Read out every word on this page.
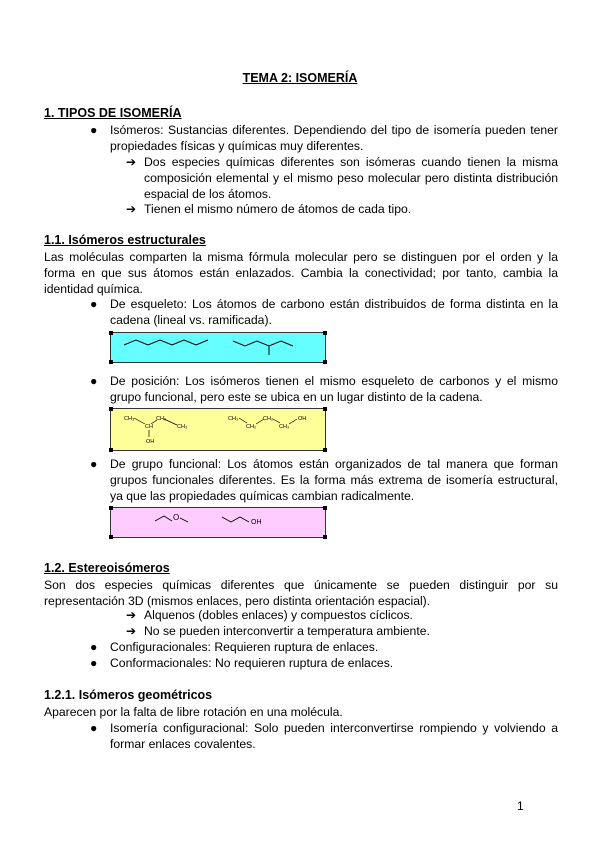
TEMA 2: ISOMERÍA
1. TIPOS DE ISOMERÍA
● Isómeros: Sustancias diferentes. Dependiendo del tipo de isomería pueden tener propiedades físicas y químicas muy diferentes.
➔ Dos especies químicas diferentes son isómeras cuando tienen la misma composición elemental y el mismo peso molecular pero distinta distribución espacial de los átomos.
➔ Tienen el mismo número de átomos de cada tipo.
1.1. Isómeros estructurales
Las moléculas comparten la misma fórmula molecular pero se distinguen por el orden y la forma en que sus átomos están enlazados. Cambia la conectividad; por tanto, cambia la identidad química.
● De esqueleto: Los átomos de carbono están distribuidos de forma distinta en la cadena (lineal vs. ramificada).
● De posición: Los isómeros tienen el mismo esqueleto de carbonos y el mismo grupo funcional, pero este se ubica en un lugar distinto de la cadena.
CH₃	CH₃
CH	CH₃
OH
CH₃	CH₂
CH₂	CH₃
OH
● De grupo funcional: Los átomos están organizados de tal manera que forman grupos funcionales diferentes. Es la forma más extrema de isomería estructural, ya que las propiedades químicas cambian radicalmente.
O
OH
1.2. Estereoisómeros
Son dos especies químicas diferentes que únicamente se pueden distinguir por su representación 3D (mismos enlaces, pero distinta orientación espacial).
➔ Alquenos (dobles enlaces) y compuestos cíclicos.
➔ No se pueden interconvertir a temperatura ambiente.
● Configuracionales: Requieren ruptura de enlaces.
● Conformacionales: No requieren ruptura de enlaces.
1.2.1. Isómeros geométricos
Aparecen por la falta de libre rotación en una molécula.
● Isomería configuracional: Solo pueden interconvertirse rompiendo y volviendo a formar enlaces covalentes.
1
